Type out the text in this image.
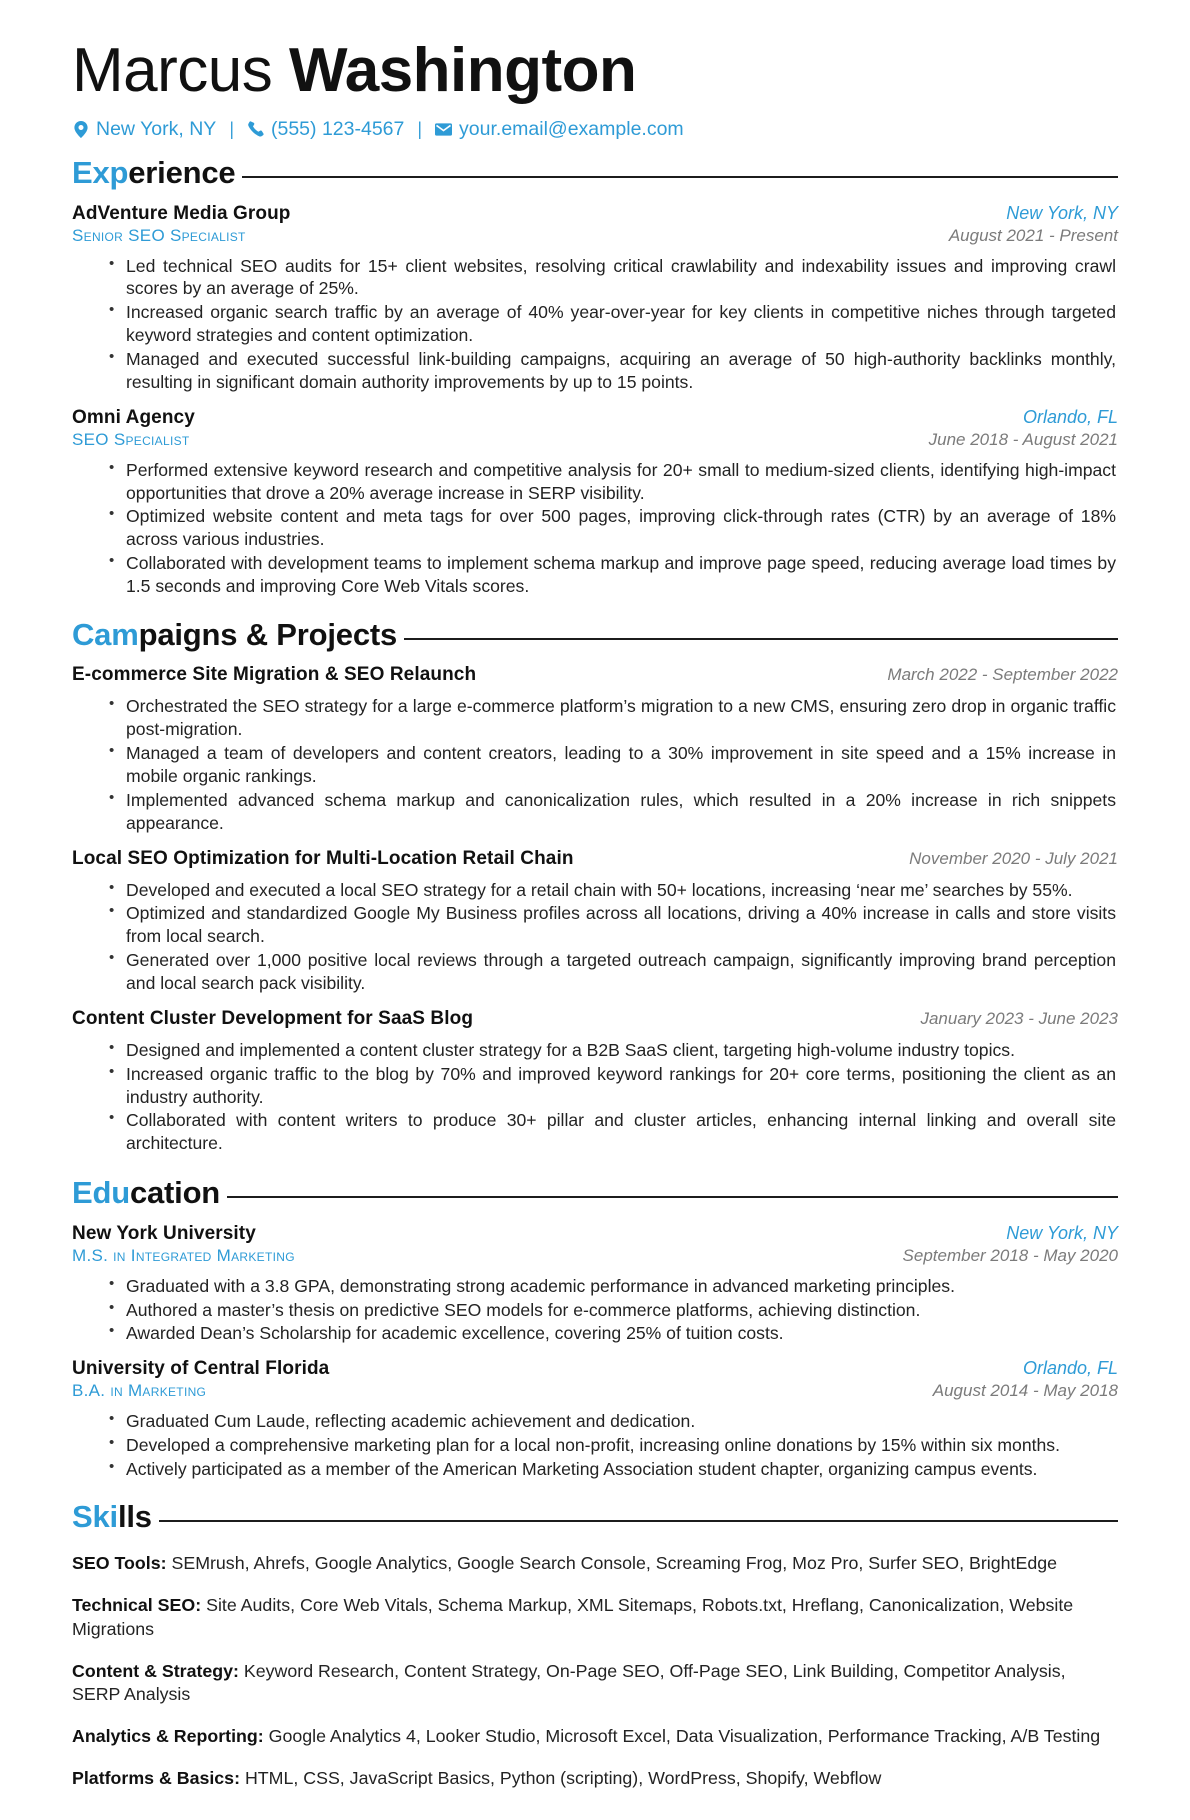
Marcus Washington
New York, NY | (555) 123-4567 | your.email@example.com
Experience
AdVenture Media Group	New York, NY
Senior SEO Specialist	August 2021 - Present
• Led technical SEO audits for 15+ client websites, resolving critical crawlability and indexability issues and improving crawl scores by an average of 25%.
• Increased organic search traffic by an average of 40% year-over-year for key clients in competitive niches through targeted keyword strategies and content optimization.
• Managed and executed successful link-building campaigns, acquiring an average of 50 high-authority backlinks monthly, resulting in significant domain authority improvements by up to 15 points.
Omni Agency	Orlando, FL
SEO Specialist	June 2018 - August 2021
• Performed extensive keyword research and competitive analysis for 20+ small to medium-sized clients, identifying high-impact opportunities that drove a 20% average increase in SERP visibility.
• Optimized website content and meta tags for over 500 pages, improving click-through rates (CTR) by an average of 18% across various industries.
• Collaborated with development teams to implement schema markup and improve page speed, reducing average load times by 1.5 seconds and improving Core Web Vitals scores.
Campaigns & Projects
E-commerce Site Migration & SEO Relaunch	March 2022 - September 2022
• Orchestrated the SEO strategy for a large e-commerce platform’s migration to a new CMS, ensuring zero drop in organic traffic post-migration.
• Managed a team of developers and content creators, leading to a 30% improvement in site speed and a 15% increase in mobile organic rankings.
• Implemented advanced schema markup and canonicalization rules, which resulted in a 20% increase in rich snippets appearance.
Local SEO Optimization for Multi-Location Retail Chain	November 2020 - July 2021
• Developed and executed a local SEO strategy for a retail chain with 50+ locations, increasing ‘near me’ searches by 55%.
• Optimized and standardized Google My Business profiles across all locations, driving a 40% increase in calls and store visits from local search.
• Generated over 1,000 positive local reviews through a targeted outreach campaign, significantly improving brand perception and local search pack visibility.
Content Cluster Development for SaaS Blog	January 2023 - June 2023
• Designed and implemented a content cluster strategy for a B2B SaaS client, targeting high-volume industry topics.
• Increased organic traffic to the blog by 70% and improved keyword rankings for 20+ core terms, positioning the client as an industry authority.
• Collaborated with content writers to produce 30+ pillar and cluster articles, enhancing internal linking and overall site architecture.
Education
New York University	New York, NY
M.S. in Integrated Marketing	September 2018 - May 2020
• Graduated with a 3.8 GPA, demonstrating strong academic performance in advanced marketing principles.
• Authored a master’s thesis on predictive SEO models for e-commerce platforms, achieving distinction.
• Awarded Dean’s Scholarship for academic excellence, covering 25% of tuition costs.
University of Central Florida	Orlando, FL
B.A. in Marketing	August 2014 - May 2018
• Graduated Cum Laude, reflecting academic achievement and dedication.
• Developed a comprehensive marketing plan for a local non-profit, increasing online donations by 15% within six months.
• Actively participated as a member of the American Marketing Association student chapter, organizing campus events.
Skills
SEO Tools: SEMrush, Ahrefs, Google Analytics, Google Search Console, Screaming Frog, Moz Pro, Surfer SEO, BrightEdge
Technical SEO: Site Audits, Core Web Vitals, Schema Markup, XML Sitemaps, Robots.txt, Hreflang, Canonicalization, Website Migrations
Content & Strategy: Keyword Research, Content Strategy, On-Page SEO, Off-Page SEO, Link Building, Competitor Analysis, SERP Analysis
Analytics & Reporting: Google Analytics 4, Looker Studio, Microsoft Excel, Data Visualization, Performance Tracking, A/B Testing
Platforms & Basics: HTML, CSS, JavaScript Basics, Python (scripting), WordPress, Shopify, Webflow
